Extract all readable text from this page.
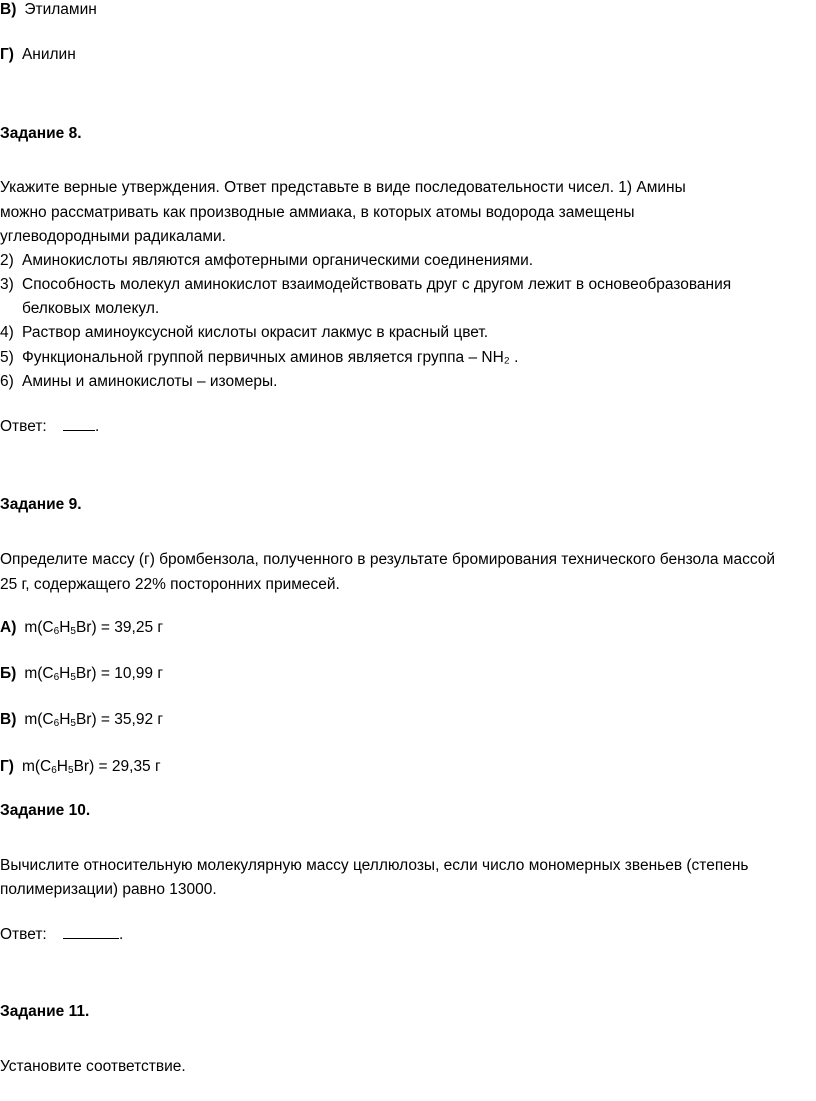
В) Этиламин
Г) Анилин
Задание 8.
Укажите верные утверждения. Ответ представьте в виде последовательности чисел. 1) Амины
можно рассматривать как производные аммиака, в которых атомы водорода замещены
углеводородными радикалами.
2) Аминокислоты являются амфотерными органическими соединениями.
3) Способность молекул аминокислот взаимодействовать друг с другом лежит в основеобразования
белковых молекул.
4) Раствор аминоуксусной кислоты окрасит лакмус в красный цвет.
5) Функциональной группой первичных аминов является группа – NH₂ .
6) Амины и аминокислоты – изомеры.
Ответ:	.
Задание 9.
Определите массу (г) бромбензола, полученного в результате бромирования технического бензола массой
25 г, содержащего 22% посторонних примесей.
А) $m(C_6H_5Br) = 39,25$ г
Б) $m(C_6H_5Br) = 10,99$ г
В) $m(C_6H_5Br) = 35,92$ г
Г) $m(C_6H_5Br) = 29,35$ г
Задание 10.
Вычислите относительную молекулярную массу целлюлозы, если число мономерных звеньев (степень
полимеризации) равно 13000.
Ответ:	.
Задание 11.
Установите соответствие.
